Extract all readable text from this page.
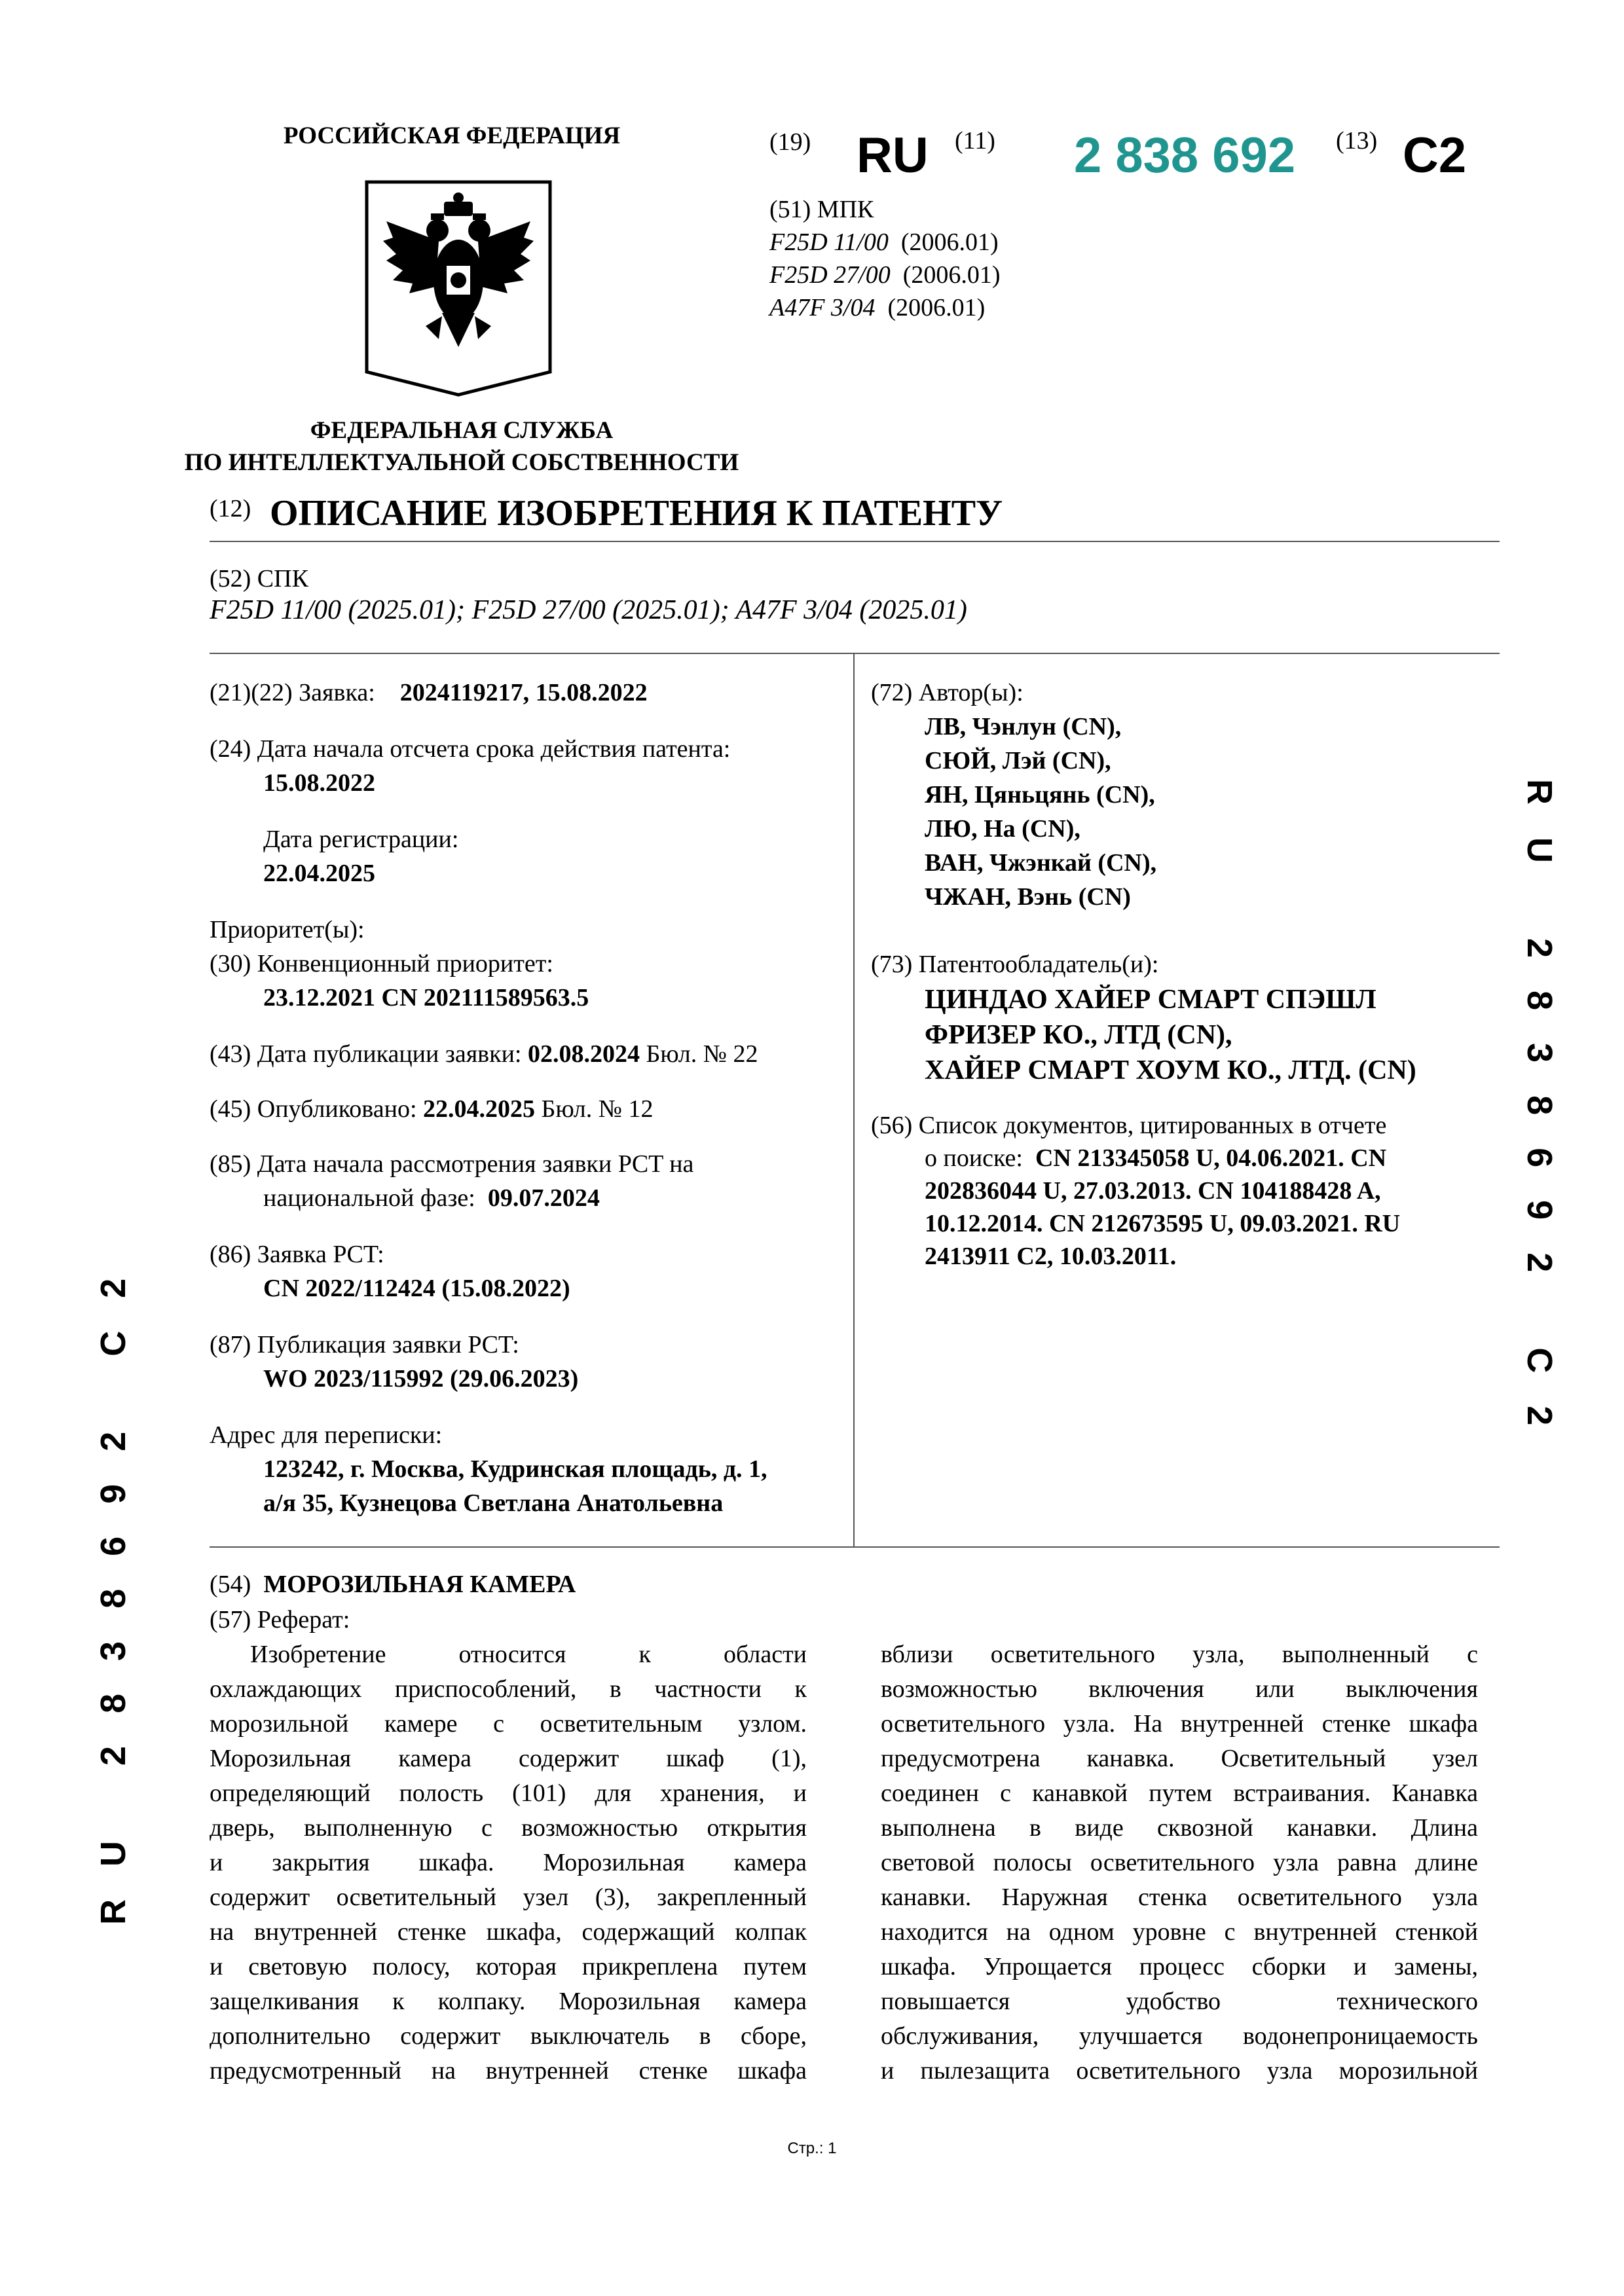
РОССИЙСКАЯ ФЕДЕРАЦИЯ
ФЕДЕРАЛЬНАЯ СЛУЖБА
ПО ИНТЕЛЛЕКТУАЛЬНОЙ СОБСТВЕННОСТИ
(19) RU (11) 2 838 692 (13) C2
(51) МПК
F25D 11/00 (2006.01)
F25D 27/00 (2006.01)
A47F 3/04 (2006.01)
(12) ОПИСАНИЕ ИЗОБРЕТЕНИЯ К ПАТЕНТУ
(52) СПК
F25D 11/00 (2025.01); F25D 27/00 (2025.01); A47F 3/04 (2025.01)
(21)(22) Заявка: 2024119217, 15.08.2022
(24) Дата начала отсчета срока действия патента:
15.08.2022
Дата регистрации:
22.04.2025
Приоритет(ы):
(30) Конвенционный приоритет:
23.12.2021 CN 202111589563.5
(43) Дата публикации заявки: 02.08.2024 Бюл. № 22
(45) Опубликовано: 22.04.2025 Бюл. № 12
(85) Дата начала рассмотрения заявки PCT на
национальной фазе: 09.07.2024
(86) Заявка PCT:
CN 2022/112424 (15.08.2022)
(87) Публикация заявки PCT:
WO 2023/115992 (29.06.2023)
Адрес для переписки:
123242, г. Москва, Кудринская площадь, д. 1,
а/я 35, Кузнецова Светлана Анатольевна
(72) Автор(ы):
ЛВ, Чэнлун (CN),
СЮЙ, Лэй (CN),
ЯН, Цяньцянь (CN),
ЛЮ, На (CN),
ВАН, Чжэнкай (CN),
ЧЖАН, Вэнь (CN)
(73) Патентообладатель(и):
ЦИНДАО ХАЙЕР СМАРТ СПЭШЛ
ФРИЗЕР КО., ЛТД (CN),
ХАЙЕР СМАРТ ХОУМ КО., ЛТД. (CN)
(56) Список документов, цитированных в отчете
о поиске: CN 213345058 U, 04.06.2021. CN
202836044 U, 27.03.2013. CN 104188428 A,
10.12.2014. CN 212673595 U, 09.03.2021. RU
2413911 C2, 10.03.2011.
(54) МОРОЗИЛЬНАЯ КАМЕРА
(57) Реферат:
Изобретение относится к области
охлаждающих приспособлений, в частности к
морозильной камере с осветительным узлом.
Морозильная камера содержит шкаф (1),
определяющий полость (101) для хранения, и
дверь, выполненную с возможностью открытия
и закрытия шкафа. Морозильная камера
содержит осветительный узел (3), закрепленный
на внутренней стенке шкафа, содержащий колпак
и световую полосу, которая прикреплена путем
защелкивания к колпаку. Морозильная камера
дополнительно содержит выключатель в сборе,
предусмотренный на внутренней стенке шкафа
вблизи осветительного узла, выполненный с
возможностью включения или выключения
осветительного узла. На внутренней стенке шкафа
предусмотрена канавка. Осветительный узел
соединен с канавкой путем встраивания. Канавка
выполнена в виде сквозной канавки. Длина
световой полосы осветительного узла равна длине
канавки. Наружная стенка осветительного узла
находится на одном уровне с внутренней стенкой
шкафа. Упрощается процесс сборки и замены,
повышается удобство технического
обслуживания, улучшается водонепроницаемость
и пылезащита осветительного узла морозильной
RU 2838692 C2
RU 2838692 C2
Стр.: 1
